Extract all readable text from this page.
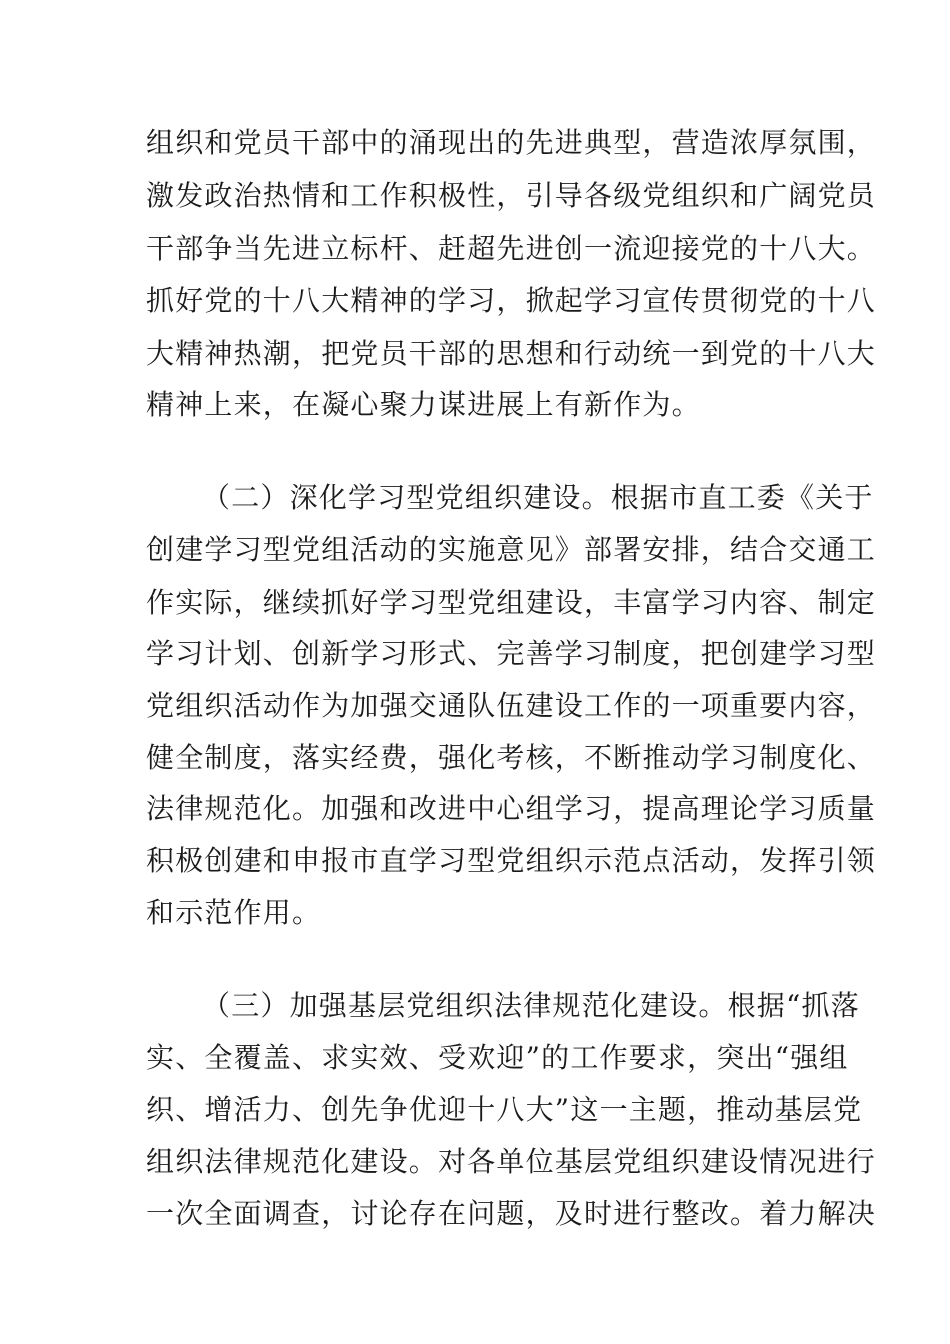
组织和党员干部中的涌现出的先进典型，营造浓厚氛围，
激发政治热情和工作积极性，引导各级党组织和广阔党员
干部争当先进立标杆、赶超先进创一流迎接党的十八大。
抓好党的十八大精神的学习，掀起学习宣传贯彻党的十八
大精神热潮，把党员干部的思想和行动统一到党的十八大
精神上来，在凝心聚力谋进展上有新作为。
（二）深化学习型党组织建设。根据市直工委《关于
创建学习型党组活动的实施意见》部署安排，结合交通工
作实际，继续抓好学习型党组建设，丰富学习内容、制定
学习计划、创新学习形式、完善学习制度，把创建学习型
党组织活动作为加强交通队伍建设工作的一项重要内容，
健全制度，落实经费，强化考核，不断推动学习制度化、
法律规范化。加强和改进中心组学习，提高理论学习质量
积极创建和申报市直学习型党组织示范点活动，发挥引领
和示范作用。
（三）加强基层党组织法律规范化建设。根据“抓落
实、全覆盖、求实效、受欢迎”的工作要求，突出“强组
织、增活力、创先争优迎十八大”这一主题，推动基层党
组织法律规范化建设。对各单位基层党组织建设情况进行
一次全面调查，讨论存在问题，及时进行整改。着力解决
